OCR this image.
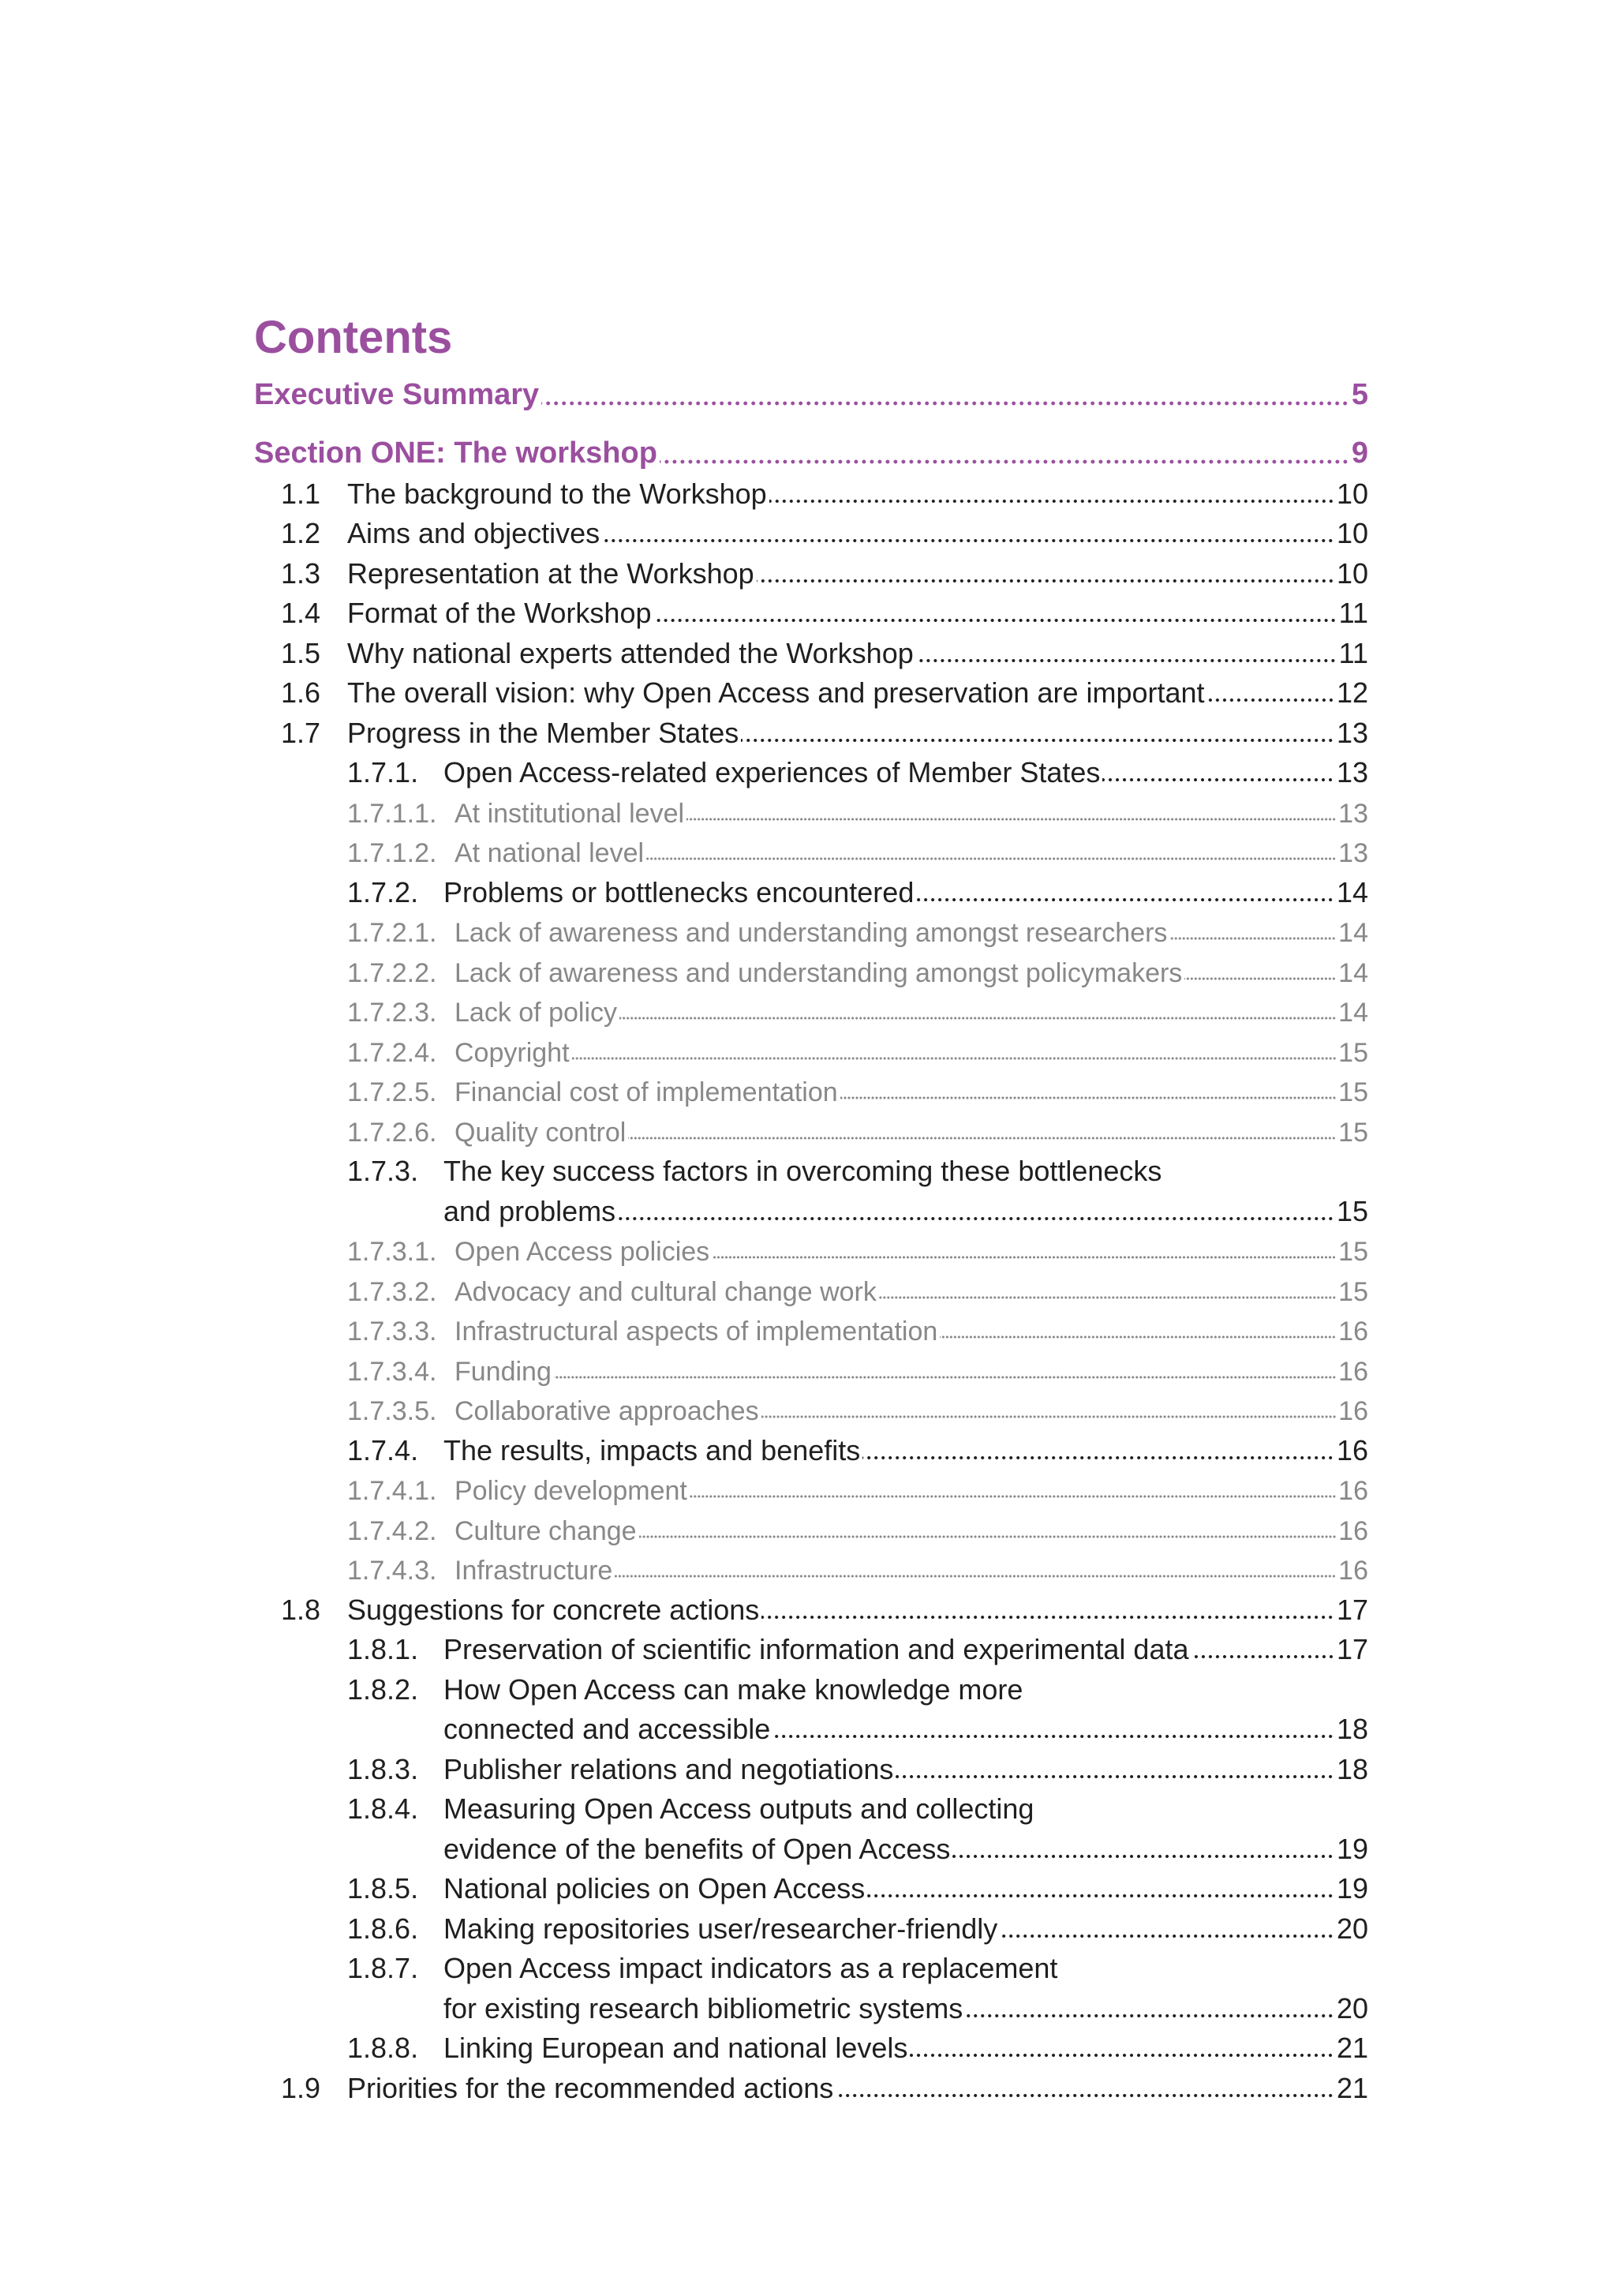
Contents
Executive Summary	5
Section ONE: The workshop	9
1.1 The background to the Workshop	10
1.2 Aims and objectives	10
1.3 Representation at the Workshop	10
1.4 Format of the Workshop	11
1.5 Why national experts attended the Workshop	11
1.6 The overall vision: why Open Access and preservation are important	12
1.7 Progress in the Member States	13
1.7.1. Open Access-related experiences of Member States	13
1.7.1.1. At institutional level	13
1.7.1.2. At national level	13
1.7.2. Problems or bottlenecks encountered	14
1.7.2.1. Lack of awareness and understanding amongst researchers	14
1.7.2.2. Lack of awareness and understanding amongst policymakers	14
1.7.2.3. Lack of policy	14
1.7.2.4. Copyright	15
1.7.2.5. Financial cost of implementation	15
1.7.2.6. Quality control	15
1.7.3. The key success factors in overcoming these bottlenecks
and problems	15
1.7.3.1. Open Access policies	15
1.7.3.2. Advocacy and cultural change work	15
1.7.3.3. Infrastructural aspects of implementation	16
1.7.3.4. Funding	16
1.7.3.5. Collaborative approaches	16
1.7.4. The results, impacts and benefits	16
1.7.4.1. Policy development	16
1.7.4.2. Culture change	16
1.7.4.3. Infrastructure	16
1.8 Suggestions for concrete actions	17
1.8.1. Preservation of scientific information and experimental data	17
1.8.2. How Open Access can make knowledge more
connected and accessible	18
1.8.3. Publisher relations and negotiations	18
1.8.4. Measuring Open Access outputs and collecting
evidence of the benefits of Open Access	19
1.8.5. National policies on Open Access	19
1.8.6. Making repositories user/researcher-friendly	20
1.8.7. Open Access impact indicators as a replacement
for existing research bibliometric systems	20
1.8.8. Linking European and national levels	21
1.9 Priorities for the recommended actions	21
